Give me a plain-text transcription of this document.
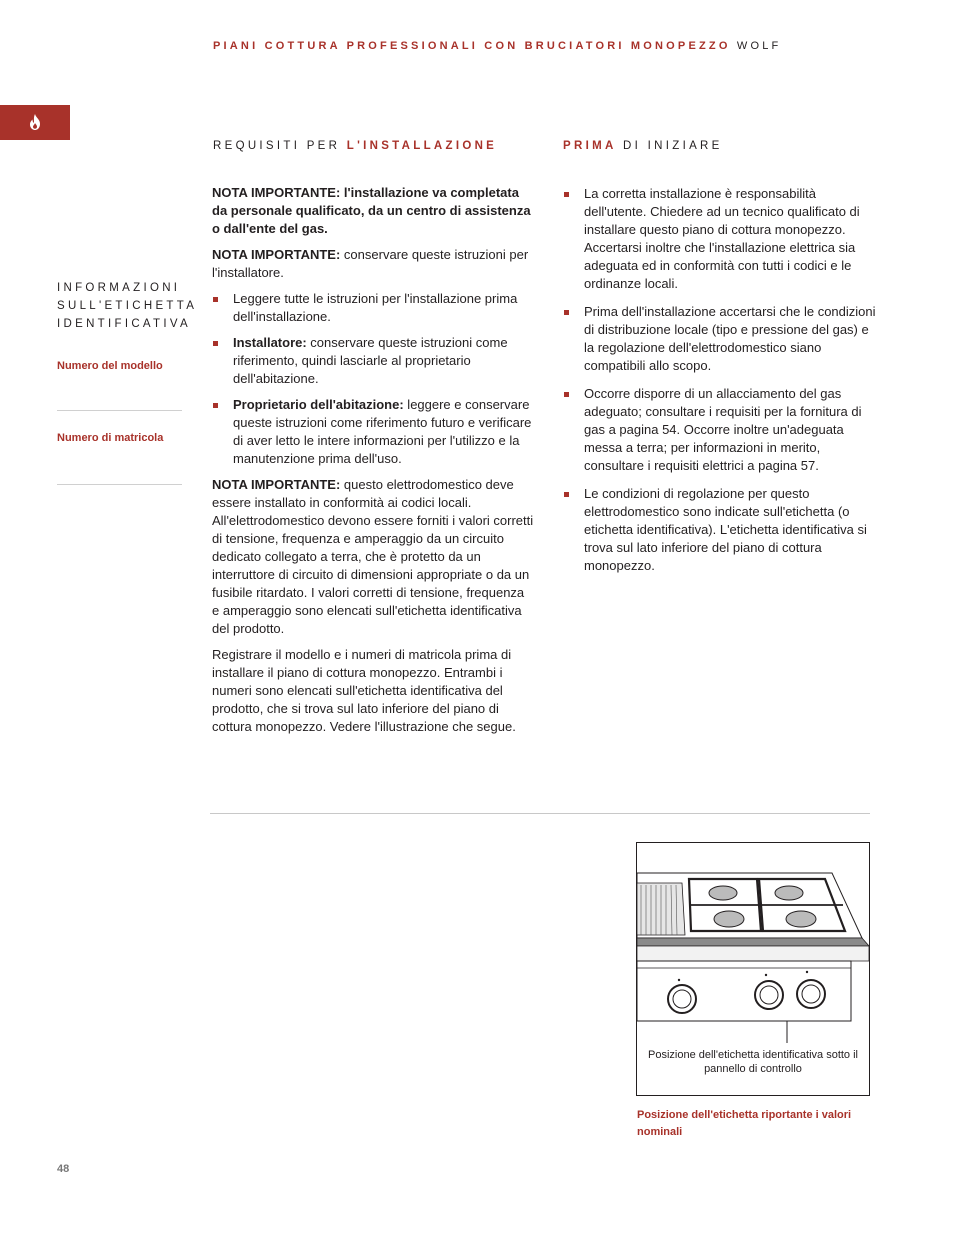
PIANI COTTURA PROFESSIONALI CON BRUCIATORI MONOPEZZO WOLF
INFORMAZIONI
SULL'ETICHETTA
IDENTIFICATIVA
Numero del modello
Numero di matricola
REQUISITI PER L'INSTALLAZIONE

NOTA IMPORTANTE: l'installazione va completata da personale qualificato, da un centro di assistenza o dall'ente del gas.

NOTA IMPORTANTE: conservare queste istruzioni per l'installatore.

Leggere tutte le istruzioni per l'installazione prima dell'installazione.
Installatore: conservare queste istruzioni come riferimento, quindi lasciarle al proprietario dell'abitazione.
Proprietario dell'abitazione: leggere e conservare queste istruzioni come riferimento futuro e verificare di aver letto le intere informazioni per l'utilizzo e la manutenzione prima dell'uso.

NOTA IMPORTANTE: questo elettrodomestico deve essere installato in conformità ai codici locali. All'elettrodomestico devono essere forniti i valori corretti di tensione, frequenza e amperaggio da un circuito dedicato collegato a terra, che è protetto da un interruttore di circuito di dimensioni appropriate o da un fusibile ritardato. I valori corretti di tensione, frequenza e amperaggio sono elencati sull'etichetta identificativa del prodotto.

Registrare il modello e i numeri di matricola prima di installare il piano di cottura monopezzo. Entrambi i numeri sono elencati sull'etichetta identificativa del prodotto, che si trova sul lato inferiore del piano di cottura monopezzo. Vedere l'illustrazione che segue.

PRIMA DI INIZIARE
La corretta installazione è responsabilità dell'utente. Chiedere ad un tecnico qualificato di installare questo piano di cottura monopezzo. Accertarsi inoltre che l'installazione elettrica sia adeguata ed in conformità con tutti i codici e le ordinanze locali.
Prima dell'installazione accertarsi che le condizioni di distribuzione locale (tipo e pressione del gas) e la regolazione dell'elettrodomestico siano compatibili allo scopo.
Occorre disporre di un allacciamento del gas adeguato; consultare i requisiti per la fornitura di gas a pagina 54. Occorre inoltre un'adeguata messa a terra; per informazioni in merito, consultare i requisiti elettrici a pagina 57.
Le condizioni di regolazione per questo elettrodomestico sono indicate sull'etichetta (o etichetta identificativa). L'etichetta identificativa si trova sul lato inferiore del piano di cottura monopezzo.
Posizione dell'etichetta identificativa sotto il pannello di controllo
Posizione dell'etichetta riportante i valori nominali
48
